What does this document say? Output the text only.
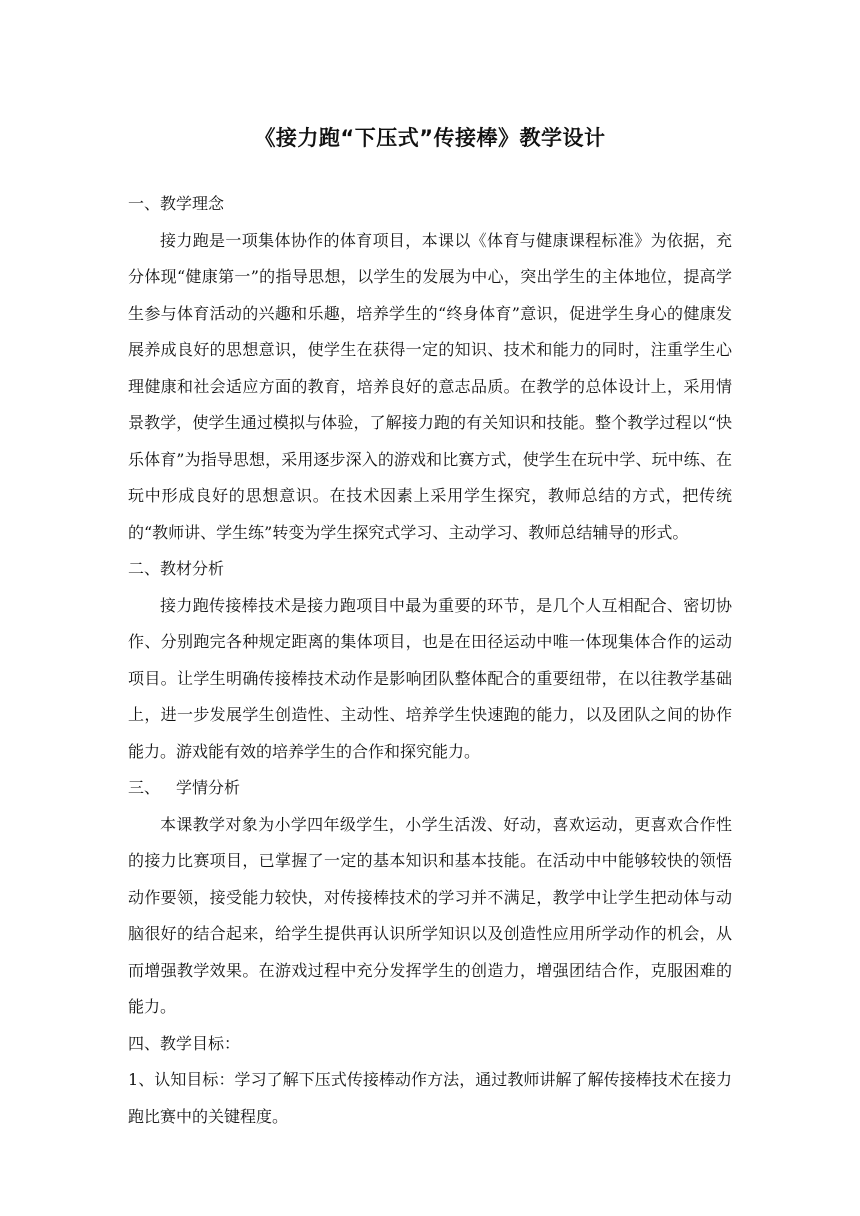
《接力跑“下压式”传接棒》教学设计

一、教学理念

接力跑是一项集体协作的体育项目，本课以《体育与健康课程标准》为依据，充分体现“健康第一”的指导思想，以学生的发展为中心，突出学生的主体地位，提高学生参与体育活动的兴趣和乐趣，培养学生的“终身体育”意识，促进学生身心的健康发展养成良好的思想意识，使学生在获得一定的知识、技术和能力的同时，注重学生心理健康和社会适应方面的教育，培养良好的意志品质。在教学的总体设计上，采用情景教学，使学生通过模拟与体验，了解接力跑的有关知识和技能。整个教学过程以“快乐体育”为指导思想，采用逐步深入的游戏和比赛方式，使学生在玩中学、玩中练、在玩中形成良好的思想意识。在技术因素上采用学生探究，教师总结的方式，把传统的“教师讲、学生练”转变为学生探究式学习、主动学习、教师总结辅导的形式。

二、教材分析

接力跑传接棒技术是接力跑项目中最为重要的环节，是几个人互相配合、密切协作、分别跑完各种规定距离的集体项目，也是在田径运动中唯一体现集体合作的运动项目。让学生明确传接棒技术动作是影响团队整体配合的重要纽带，在以往教学基础上，进一步发展学生创造性、主动性、培养学生快速跑的能力，以及团队之间的协作能力。游戏能有效的培养学生的合作和探究能力。

三、 学情分析

本课教学对象为小学四年级学生，小学生活泼、好动，喜欢运动，更喜欢合作性的接力比赛项目，已掌握了一定的基本知识和基本技能。在活动中中能够较快的领悟动作要领，接受能力较快，对传接棒技术的学习并不满足，教学中让学生把动体与动脑很好的结合起来，给学生提供再认识所学知识以及创造性应用所学动作的机会，从而增强教学效果。在游戏过程中充分发挥学生的创造力，增强团结合作，克服困难的能力。

四、教学目标：

1、认知目标：学习了解下压式传接棒动作方法，通过教师讲解了解传接棒技术在接力跑比赛中的关键程度。
